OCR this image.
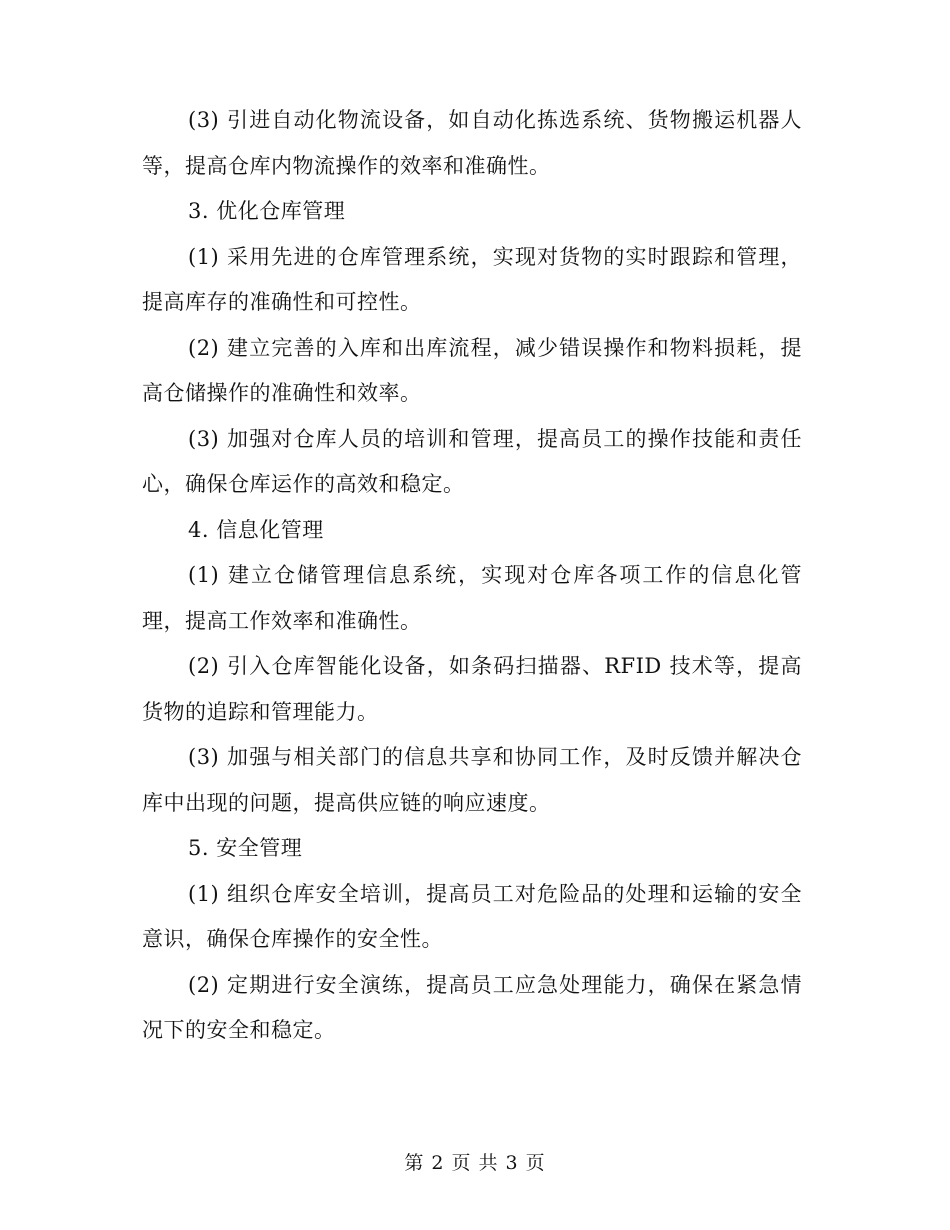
(3) 引进自动化物流设备，如自动化拣选系统、货物搬运机器人等，提高仓库内物流操作的效率和准确性。

3. 优化仓库管理

(1) 采用先进的仓库管理系统，实现对货物的实时跟踪和管理，提高库存的准确性和可控性。

(2) 建立完善的入库和出库流程，减少错误操作和物料损耗，提高仓储操作的准确性和效率。

(3) 加强对仓库人员的培训和管理，提高员工的操作技能和责任心，确保仓库运作的高效和稳定。

4. 信息化管理

(1) 建立仓储管理信息系统，实现对仓库各项工作的信息化管理，提高工作效率和准确性。

(2) 引入仓库智能化设备，如条码扫描器、RFID 技术等，提高货物的追踪和管理能力。

(3) 加强与相关部门的信息共享和协同工作，及时反馈并解决仓库中出现的问题，提高供应链的响应速度。

5. 安全管理

(1) 组织仓库安全培训，提高员工对危险品的处理和运输的安全意识，确保仓库操作的安全性。

(2) 定期进行安全演练，提高员工应急处理能力，确保在紧急情况下的安全和稳定。

第 2 页 共 3 页
